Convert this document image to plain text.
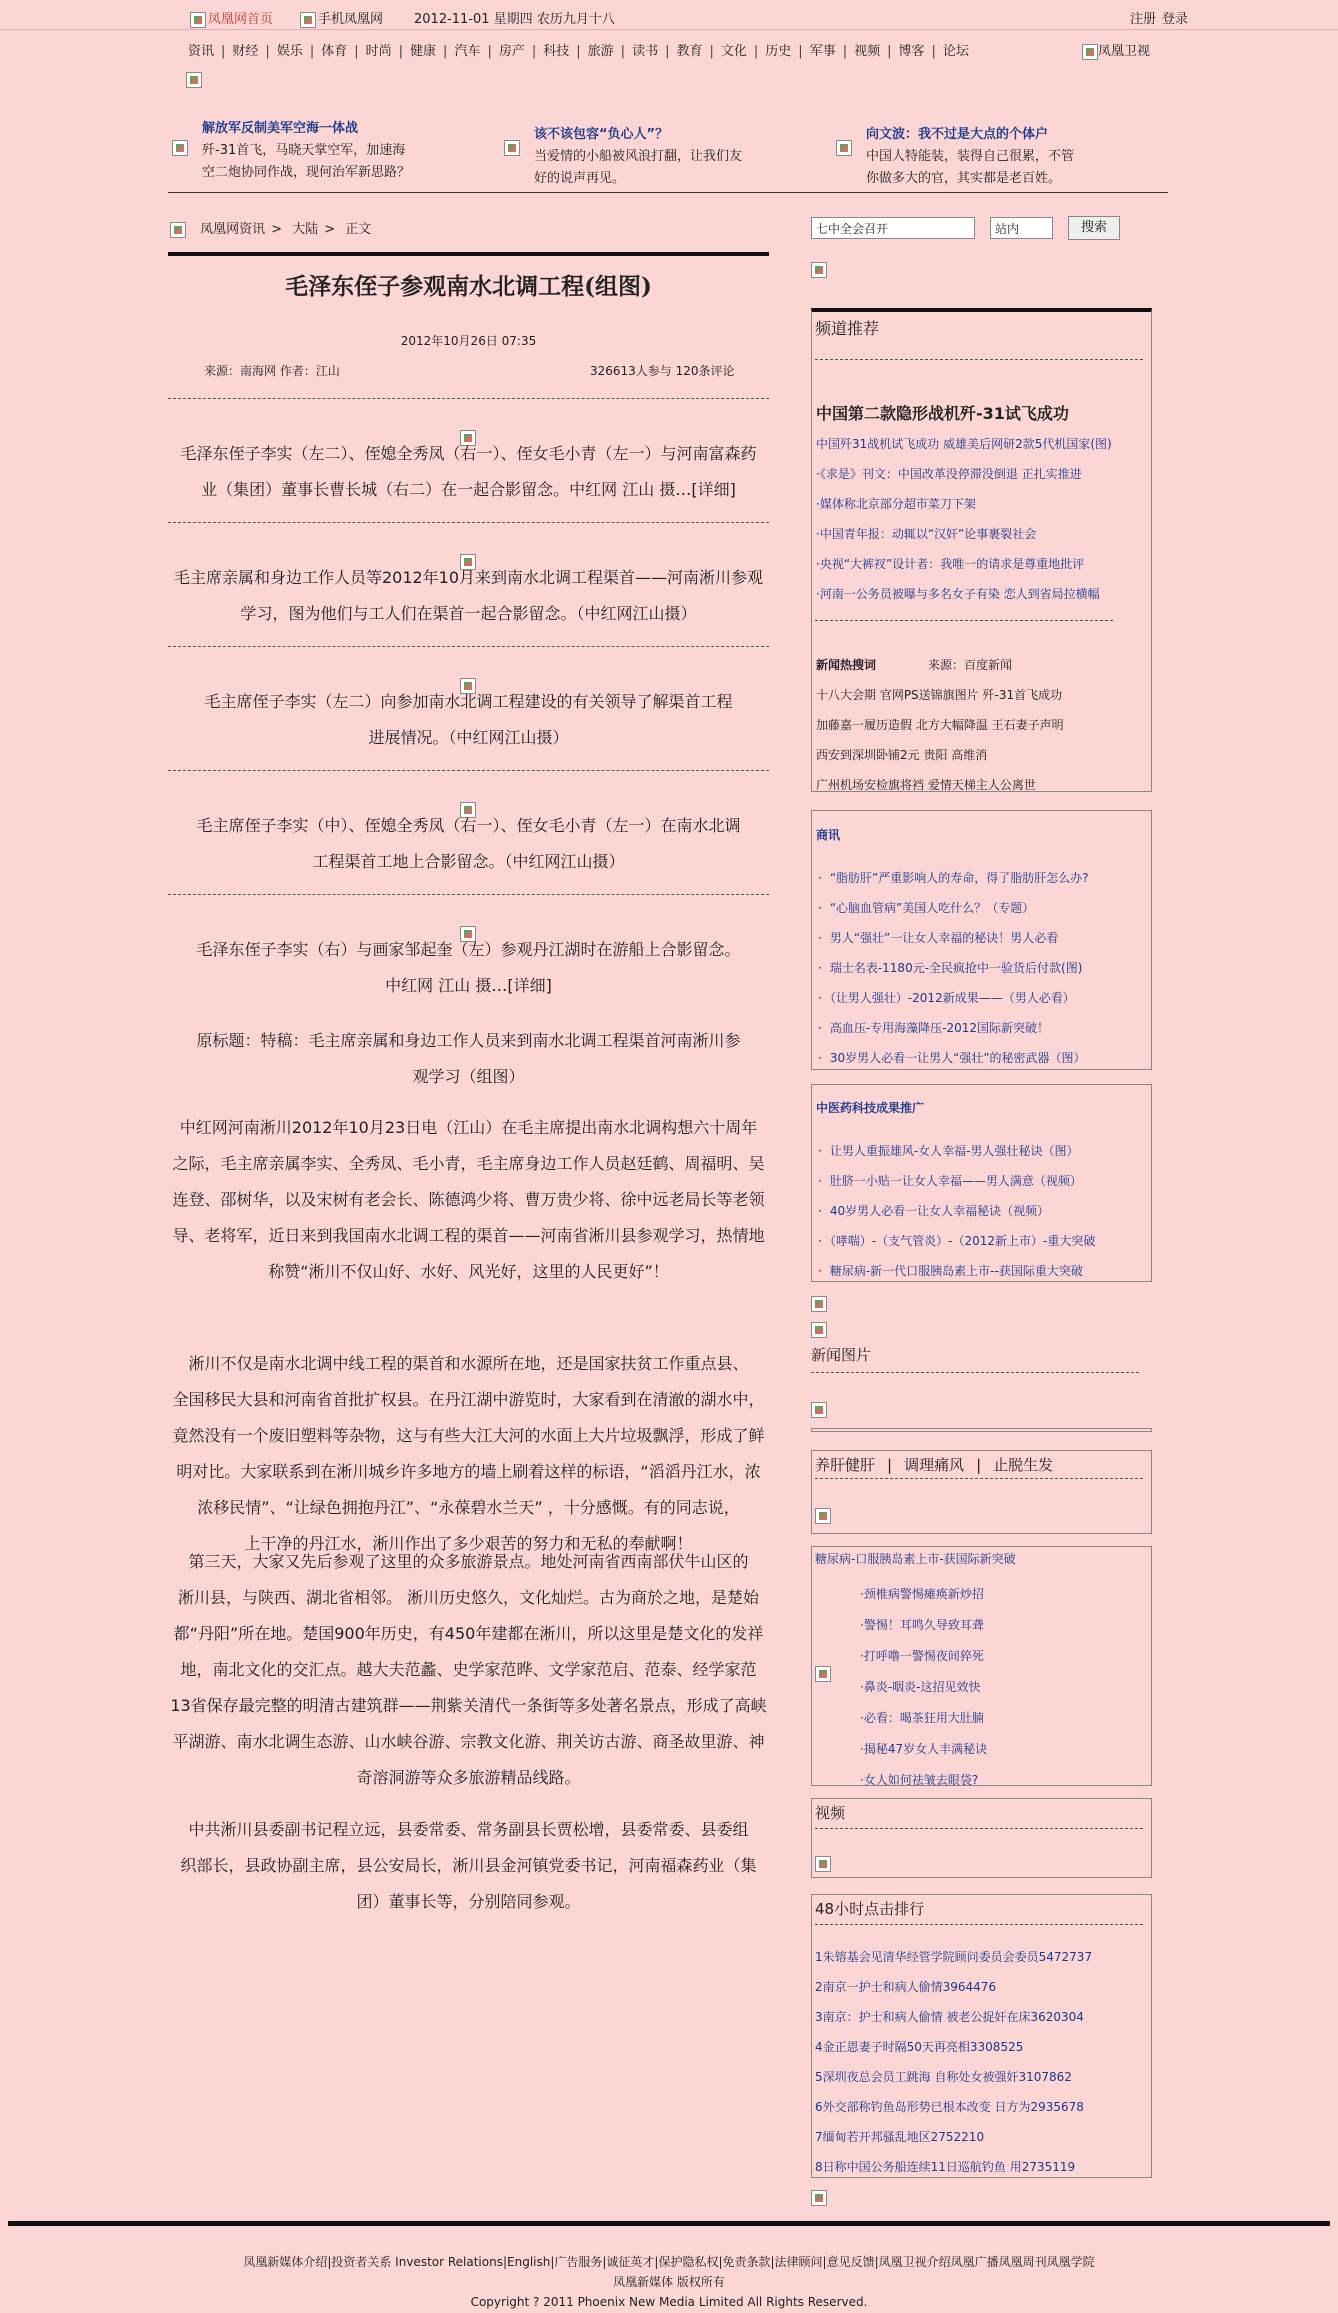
凤凰网首页	手机凤凰网 2012-11-01 星期四 农历九月十八	注册 登录
资讯 | 财经 | 娱乐 | 体育 | 时尚 | 健康 | 汽车 | 房产 | 科技 | 旅游 | 读书 | 教育 | 文化 | 历史 | 军事 | 视频 | 博客 | 论坛	凤凰卫视
解放军反制美军空海一体战
歼-31首飞，马晓天掌空军，加速海
空二炮协同作战，现何治军新思路？
该不该包容“负心人”？
当爱情的小船被风浪打翻，让我们友
好的说声再见。
向文波：我不过是大点的个体户
中国人特能装，装得自己很累，不管
你做多大的官，其实都是老百姓。
凤凰网资讯 > 大陆 > 正文
毛泽东侄子参观南水北调工程(组图)
2012年10月26日 07:35
来源：南海网 作者：江山	326613人参与 120条评论
七中全会召开	站内	搜索
频道推荐
中国第二款隐形战机歼-31试飞成功
新闻热搜词	来源：百度新闻
商讯
中医药科技成果推广
新闻图片
养肝健肝 | 调理痛风 | 止脱生发
糖尿病-口服胰岛素上市-获国际新突破
视频
48小时点击排行
凤凰新媒体介绍|投资者关系 Investor Relations|English|广告服务|诚征英才|保护隐私权|免责条款|法律顾问|意见反馈|凤凰卫视介绍凤凰广播凤凰周刊凤凰学院
凤凰新媒体 版权所有
Copyright ? 2011 Phoenix New Media Limited All Rights Reserved.
毛泽东侄子李实（左二）、侄媳全秀凤（右一）、侄女毛小青（左一）与河南富森药
业（集团）董事长曹长城（右二）在一起合影留念。中红网 江山 摄…[详细]
毛主席亲属和身边工作人员等2012年10月来到南水北调工程渠首——河南淅川参观
学习，图为他们与工人们在渠首一起合影留念。（中红网江山摄）
毛主席侄子李实（左二）向参加南水北调工程建设的有关领导了解渠首工程
进展情况。（中红网江山摄）
毛主席侄子李实（中）、侄媳全秀凤（右一）、侄女毛小青（左一）在南水北调
工程渠首工地上合影留念。（中红网江山摄）
毛泽东侄子李实（右）与画家邹起奎（左）参观丹江湖时在游船上合影留念。
中红网 江山 摄…[详细]
原标题：特稿：毛主席亲属和身边工作人员来到南水北调工程渠首河南淅川参
观学习（组图）
中红网河南淅川2012年10月23日电（江山）在毛主席提出南水北调构想六十周年
之际，毛主席亲属李实、全秀凤、毛小青，毛主席身边工作人员赵廷鹤、周福明、吴
连登、邵树华，以及宋树有老会长、陈德鸿少将、曹万贵少将、徐中远老局长等老领
导、老将军，近日来到我国南水北调工程的渠首——河南省淅川县参观学习，热情地
称赞“淅川不仅山好、水好、风光好，这里的人民更好”！
淅川不仅是南水北调中线工程的渠首和水源所在地，还是国家扶贫工作重点县、
全国移民大县和河南省首批扩权县。在丹江湖中游览时，大家看到在清澈的湖水中，
竟然没有一个废旧塑料等杂物，这与有些大江大河的水面上大片垃圾飘浮，形成了鲜
明对比。大家联系到在淅川城乡许多地方的墙上刷着这样的标语，“滔滔丹江水，浓
浓移民情”、“让绿色拥抱丹江”、“永葆碧水兰天” ，十分感慨。有的同志说，
上干净的丹江水，淅川作出了多少艰苦的努力和无私的奉献啊！
第三天，大家又先后参观了这里的众多旅游景点。地处河南省西南部伏牛山区的
淅川县，与陕西、湖北省相邻。 淅川历史悠久，文化灿烂。古为商於之地，是楚始
都“丹阳”所在地。楚国900年历史，有450年建都在淅川，所以这里是楚文化的发祥
地，南北文化的交汇点。越大夫范蠡、史学家范晔、文学家范启、范泰、经学家范
13省保存最完整的明清古建筑群——荆紫关清代一条街等多处著名景点，形成了高峡
平湖游、南水北调生态游、山水峡谷游、宗教文化游、荆关访古游、商圣故里游、神
奇溶洞游等众多旅游精品线路。
中共淅川县委副书记程立远，县委常委、常务副县长贾松增，县委常委、县委组
织部长，县政协副主席，县公安局长，淅川县金河镇党委书记，河南福森药业（集
团）董事长等，分别陪同参观。
中国歼31战机试飞成功 威雄美后网研2款5代机国家(图)
·《求是》刊文：中国改革没停滞没倒退 正扎实推进
·媒体称北京部分超市菜刀下架
·中国青年报：动辄以“汉奸”论事裹裂社会
·央视“大裤衩”设计者：我唯一的请求是尊重地批评
·河南一公务员被曝与多名女子有染 恋人到省局拉横幅
十八大会期 官网PS送锦旗图片 歼-31首飞成功
加藤嘉一履历造假 北方大幅降温 王石妻子声明
西安到深圳卧铺2元 贵阳 高维消
广州机场安检旗将裆 爱情天梯主人公离世
· “脂肪肝”严重影响人的寿命，得了脂肪肝怎么办?
· “心脑血管病”美国人吃什么？（专题）
· 男人“强壮”一让女人幸福的秘诀！男人必看
· 瑞士名表-1180元-全民疯抢中一验货后付款(图)
· （让男人强壮）-2012新成果——（男人必看）
· 高血压-专用海藻降压-2012国际新突破！
· 30岁男人必看一让男人“强壮”的秘密武器（图）
· 让男人重振雄风-女人幸福-男人强壮秘诀（图）
· 肚脐一小贴一让女人幸福——男人满意（视频）
· 40岁男人必看一让女人幸福秘诀（视频）
· （哮喘）-（支气管炎）-（2012新上市）-重大突破
· 糖尿病-新一代口服胰岛素上市--获国际重大突破
·颈椎病警惕瘫痪新炒招
·警惕！耳鸣久导致耳聋
·打呼噜一警惕夜间猝死
·鼻炎-咽炎-这招见效快
·必看：喝茶狂用大肚腩
·揭秘47岁女人丰满秘诀
·女人如何祛皱去眼袋?
1朱镕基会见清华经管学院顾问委员会委员5472737
2南京一护士和病人偷情3964476
3南京：护士和病人偷情 被老公捉奸在床3620304
4金正恩妻子时隔50天再亮相3308525
5深圳夜总会员工跳海 自称处女被强奸3107862
6外交部称钓鱼岛形势已根本改变 日方为2935678
7缅甸若开邦骚乱地区2752210
8日称中国公务船连续11日巡航钓鱼 用2735119
